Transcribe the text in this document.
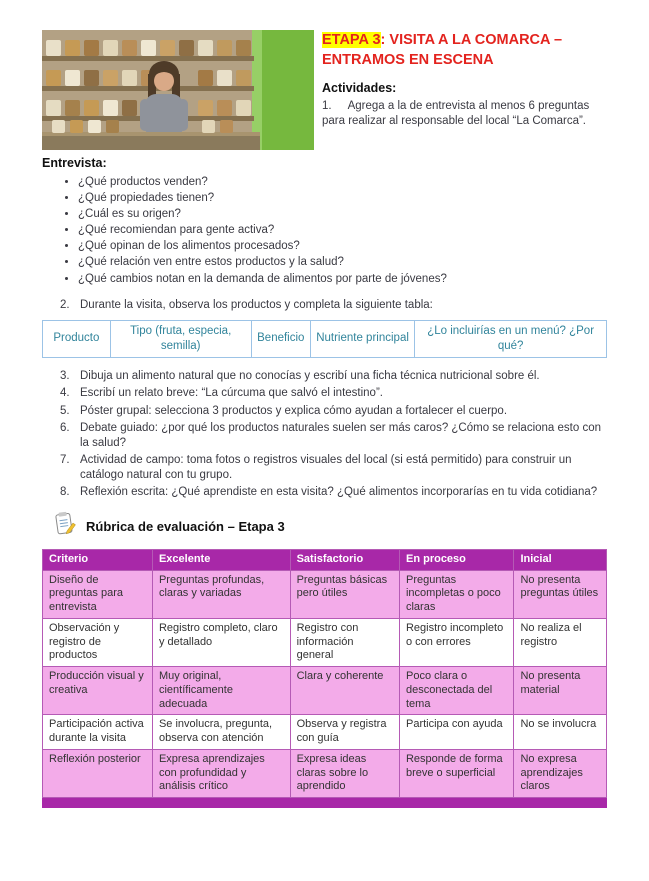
ETAPA 3: VISITA A LA COMARCA – ENTRAMOS EN ESCENA
Actividades:

1. Agrega a la de entrevista al menos 6 preguntas para realizar al responsable del local “La Comarca”.

Entrevista:
• ¿Qué productos venden?
• ¿Qué propiedades tienen?
• ¿Cuál es su origen?
• ¿Qué recomiendan para gente activa?
• ¿Qué opinan de los alimentos procesados?
• ¿Qué relación ven entre estos productos y la salud?
• ¿Qué cambios notan en la demanda de alimentos por parte de jóvenes?
2. Durante la visita, observa los productos y completa la siguiente tabla:
Producto	Tipo (fruta, especia, semilla)	Beneficio	Nutriente principal	¿Lo incluirías en un menú? ¿Por qué?
3. Dibuja un alimento natural que no conocías y escribí una ficha técnica nutricional sobre él.
4. Escribí un relato breve: “La cúrcuma que salvó el intestino”.
5. Póster grupal: selecciona 3 productos y explica cómo ayudan a fortalecer el cuerpo.
6. Debate guiado: ¿por qué los productos naturales suelen ser más caros? ¿Cómo se relaciona esto con la salud?
7. Actividad de campo: toma fotos o registros visuales del local (si está permitido) para construir un catálogo natural con tu grupo.
8. Reflexión escrita: ¿Qué aprendiste en esta visita? ¿Qué alimentos incorporarías en tu vida cotidiana?
Rúbrica de evaluación – Etapa 3
Criterio	Excelente	Satisfactorio	En proceso	Inicial
Diseño de preguntas para entrevista	Preguntas profundas, claras y variadas	Preguntas básicas pero útiles	Preguntas incompletas o poco claras	No presenta preguntas útiles
Observación y registro de productos	Registro completo, claro y detallado	Registro con información general	Registro incompleto o con errores	No realiza el registro
Producción visual y creativa	Muy original, científicamente adecuada	Clara y coherente	Poco clara o desconectada del tema	No presenta material
Participación activa durante la visita	Se involucra, pregunta, observa con atención	Observa y registra con guía	Participa con ayuda	No se involucra
Reflexión posterior	Expresa aprendizajes con profundidad y análisis crítico	Expresa ideas claras sobre lo aprendido	Responde de forma breve o superficial	No expresa aprendizajes claros
